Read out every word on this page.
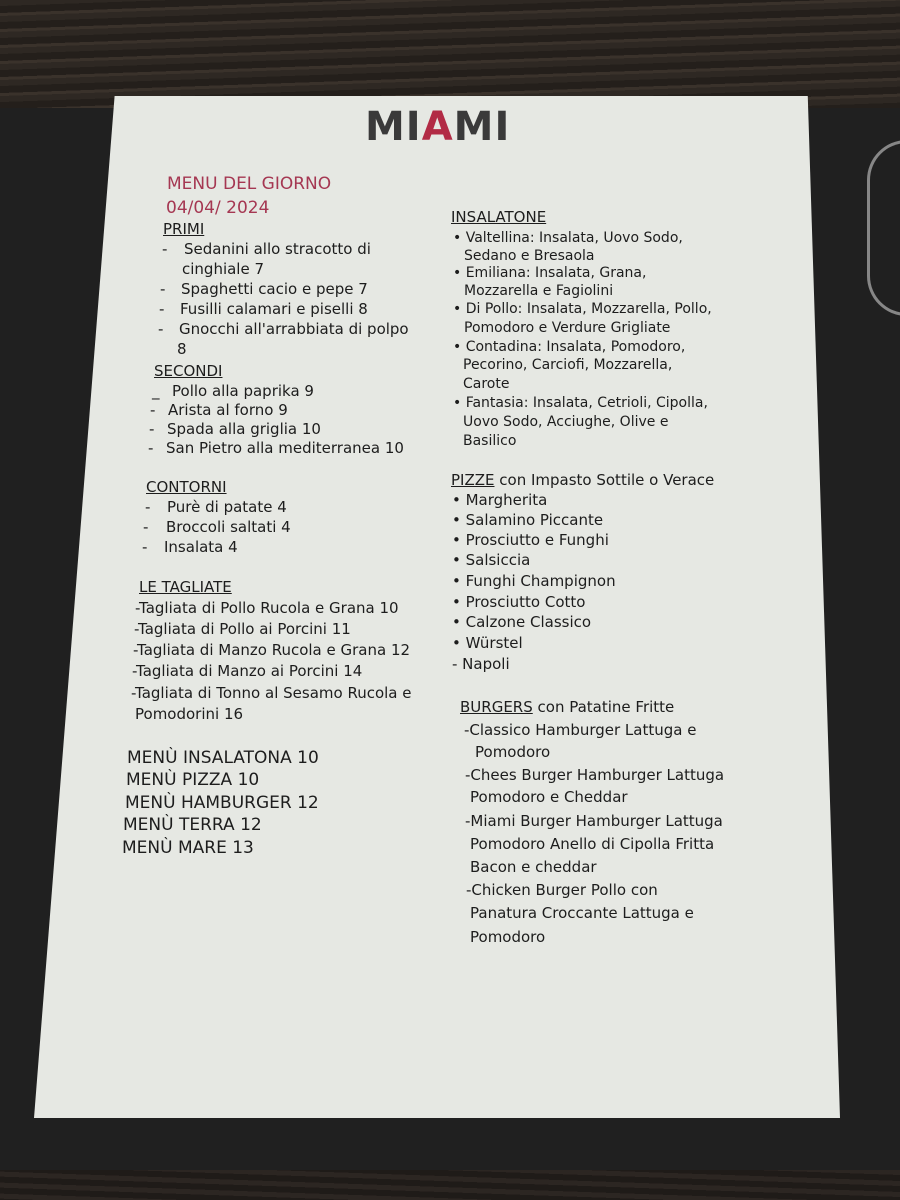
MIAMI
MENU DEL GIORNO
04/04/ 2024
PRIMI
- Sedanini allo stracotto di
cinghiale 7
- Spaghetti cacio e pepe 7
- Fusilli calamari e piselli 8
- Gnocchi all'arrabbiata di polpo
8
SECONDI
_ Pollo alla paprika 9
- Arista al forno 9
- Spada alla griglia 10
- San Pietro alla mediterranea 10
CONTORNI
- Purè di patate 4
- Broccoli saltati 4
- Insalata 4
LE TAGLIATE
-Tagliata di Pollo Rucola e Grana 10
-Tagliata di Pollo ai Porcini 11
-Tagliata di Manzo Rucola e Grana 12
-Tagliata di Manzo ai Porcini 14
-Tagliata di Tonno al Sesamo Rucola e
Pomodorini 16
MENÙ INSALATONA 10
MENÙ PIZZA 10
MENÙ HAMBURGER 12
MENÙ TERRA 12
MENÙ MARE 13
INSALATONE
• Valtellina: Insalata, Uovo Sodo,
Sedano e Bresaola
• Emiliana: Insalata, Grana,
Mozzarella e Fagiolini
• Di Pollo: Insalata, Mozzarella, Pollo,
Pomodoro e Verdure Grigliate
• Contadina: Insalata, Pomodoro,
Pecorino, Carciofi, Mozzarella,
Carote
• Fantasia: Insalata, Cetrioli, Cipolla,
Uovo Sodo, Acciughe, Olive e
Basilico
PIZZE con Impasto Sottile o Verace
• Margherita
• Salamino Piccante
• Prosciutto e Funghi
• Salsiccia
• Funghi Champignon
• Prosciutto Cotto
• Calzone Classico
• Würstel
- Napoli
BURGERS con Patatine Fritte
-Classico Hamburger Lattuga e
Pomodoro
-Chees Burger Hamburger Lattuga
Pomodoro e Cheddar
-Miami Burger Hamburger Lattuga
Pomodoro Anello di Cipolla Fritta
Bacon e cheddar
-Chicken Burger Pollo con
Panatura Croccante Lattuga e
Pomodoro
